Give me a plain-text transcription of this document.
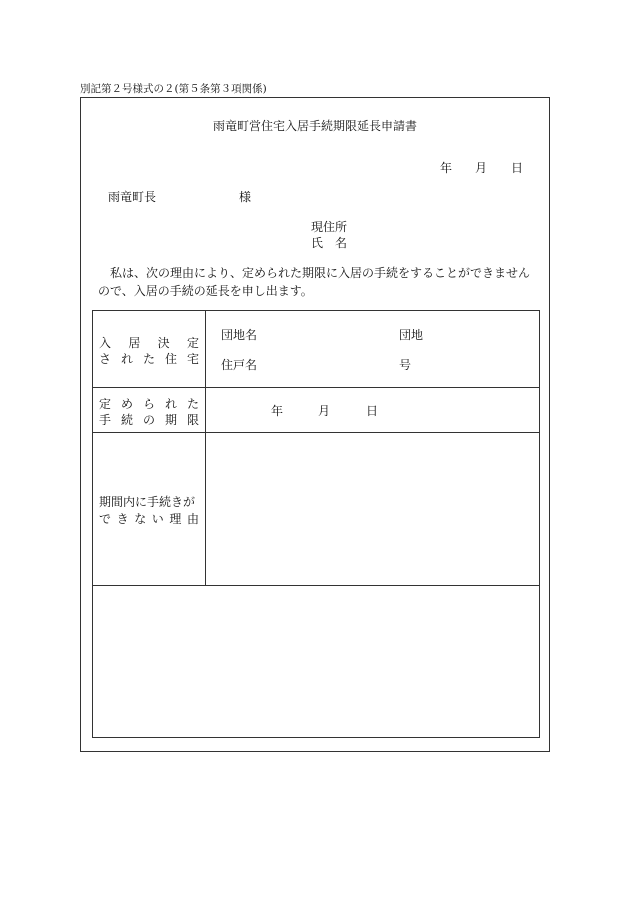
別記第２号様式の２(第５条第３項関係)
雨竜町営住宅入居手続期限延長申請書
年 月 日
雨竜町長	様
現住所
氏　名

私は、次の理由により、定められた期限に入居の手続をすることができませんので、入居の手続の延長を申し出ます。

入 居 決 定
さ れ た 住 宅
団地名	団地
住戸名	号
定 め ら れ た
手 続 の 期 限
年	月	日
期間内に手続きが
で き な い 理 由
